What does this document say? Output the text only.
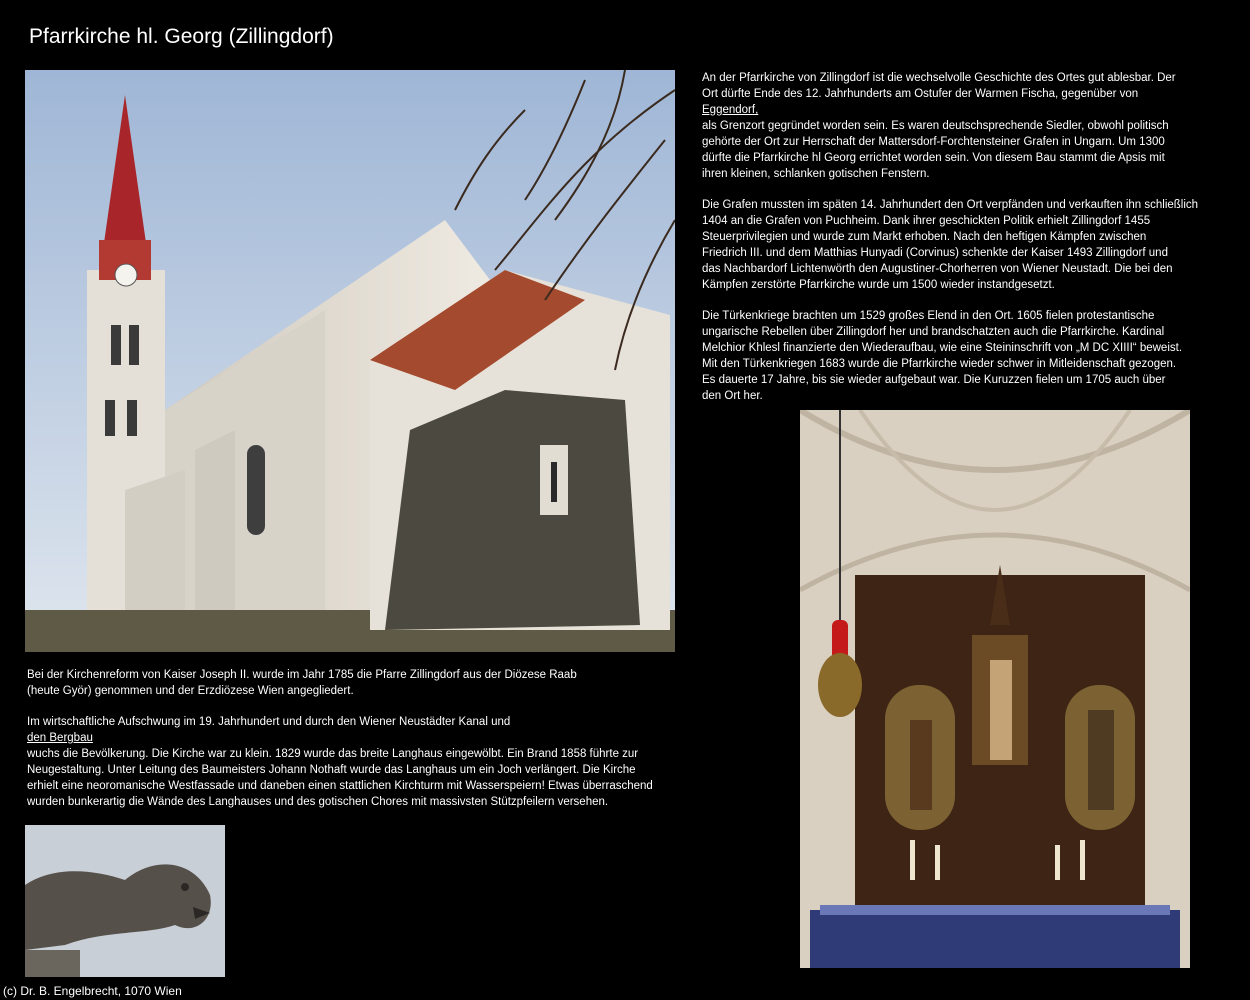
Pfarrkirche hl. Georg (Zillingdorf)

An der Pfarrkirche von Zillingdorf ist die wechselvolle Geschichte des Ortes gut ablesbar. Der
Ort dürfte Ende des 12. Jahrhunderts am Ostufer der Warmen Fischa, gegenüber von
Eggendorf,
als Grenzort gegründet worden sein. Es waren deutschsprechende Siedler, obwohl politisch
gehörte der Ort zur Herrschaft der Mattersdorf-Forchtensteiner Grafen in Ungarn. Um 1300
dürfte die Pfarrkirche hl Georg errichtet worden sein. Von diesem Bau stammt die Apsis mit
ihren kleinen, schlanken gotischen Fenstern.

Die Grafen mussten im späten 14. Jahrhundert den Ort verpfänden und verkauften ihn schließlich
1404 an die Grafen von Puchheim. Dank ihrer geschickten Politik erhielt Zillingdorf 1455
Steuerprivilegien und wurde zum Markt erhoben. Nach den heftigen Kämpfen zwischen
Friedrich III. und dem Matthias Hunyadi (Corvinus) schenkte der Kaiser 1493 Zillingdorf und
das Nachbardorf Lichtenwörth den Augustiner-Chorherren von Wiener Neustadt. Die bei den
Kämpfen zerstörte Pfarrkirche wurde um 1500 wieder instandgesetzt.

Die Türkenkriege brachten um 1529 großes Elend in den Ort. 1605 fielen protestantische
ungarische Rebellen über Zillingdorf her und brandschatzten auch die Pfarrkirche. Kardinal
Melchior Khlesl finanzierte den Wiederaufbau, wie eine Steininschrift von „M DC XIIII“ beweist.
Mit den Türkenkriegen 1683 wurde die Pfarrkirche wieder schwer in Mitleidenschaft gezogen.
Es dauerte 17 Jahre, bis sie wieder aufgebaut war. Die Kuruzzen fielen um 1705 auch über
den Ort her.

Bei der Kirchenreform von Kaiser Joseph II. wurde im Jahr 1785 die Pfarre Zillingdorf aus der Diözese Raab
(heute Györ) genommen und der Erzdiözese Wien angegliedert.

Im wirtschaftliche Aufschwung im 19. Jahrhundert und durch den Wiener Neustädter Kanal und
den Bergbau
wuchs die Bevölkerung. Die Kirche war zu klein. 1829 wurde das breite Langhaus eingewölbt. Ein Brand 1858 führte zur
Neugestaltung. Unter Leitung des Baumeisters Johann Nothaft wurde das Langhaus um ein Joch verlängert. Die Kirche
erhielt eine neoromanische Westfassade und daneben einen stattlichen Kirchturm mit Wasserspeiern! Etwas überraschend
wurden bunkerartig die Wände des Langhauses und des gotischen Chores mit massivsten Stützpfeilern versehen.

(c) Dr. B. Engelbrecht, 1070 Wien
